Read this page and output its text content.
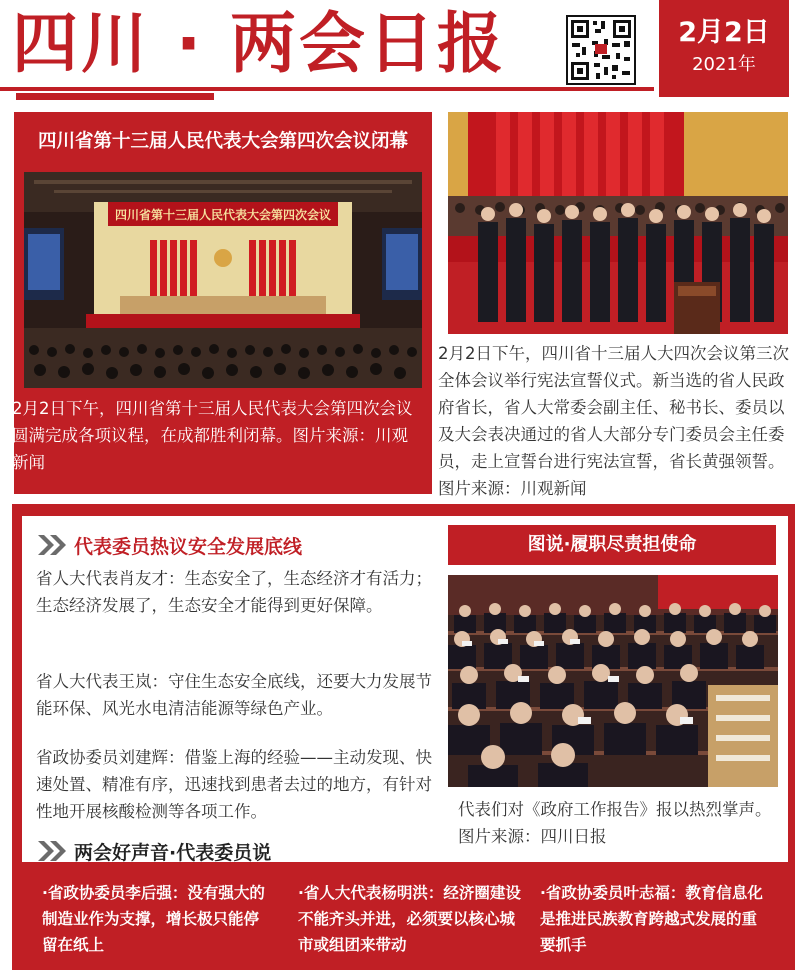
四川 · 两会日报	2月2日
2021年
四川省第十三届人民代表大会第四次会议闭幕
四川省第十三届人民代表大会第四次会议
2月2日下午，四川省第十三届人民代表大会第四次会议圆满完成各项议程，在成都胜利闭幕。图片来源：川观新闻
2月2日下午，四川省十三届人大四次会议第三次全体会议举行宪法宣誓仪式。新当选的省人民政府省长，省人大常委会副主任、秘书长、委员以及大会表决通过的省人大部分专门委员会主任委员，走上宣誓台进行宪法宣誓，省长黄强领誓。图片来源：川观新闻
代表委员热议安全发展底线

省人大代表肖友才：生态安全了，生态经济才有活力；生态经济发展了，生态安全才能得到更好保障。

省人大代表王岚：守住生态安全底线，还要大力发展节能环保、风光水电清洁能源等绿色产业。

省政协委员刘建辉：借鉴上海的经验——主动发现、快速处置、精准有序，迅速找到患者去过的地方，有针对性地开展核酸检测等各项工作。

两会好声音·代表委员说
图说·履职尽责担使命
代表们对《政府工作报告》报以热烈掌声。图片来源：四川日报
·省政协委员李后强：没有强大的制造业作为支撑，增长极只能停留在纸上
·省人大代表杨明洪：经济圈建设不能齐头并进，必须要以核心城市或组团来带动
·省政协委员叶志福：教育信息化是推进民族教育跨越式发展的重要抓手
